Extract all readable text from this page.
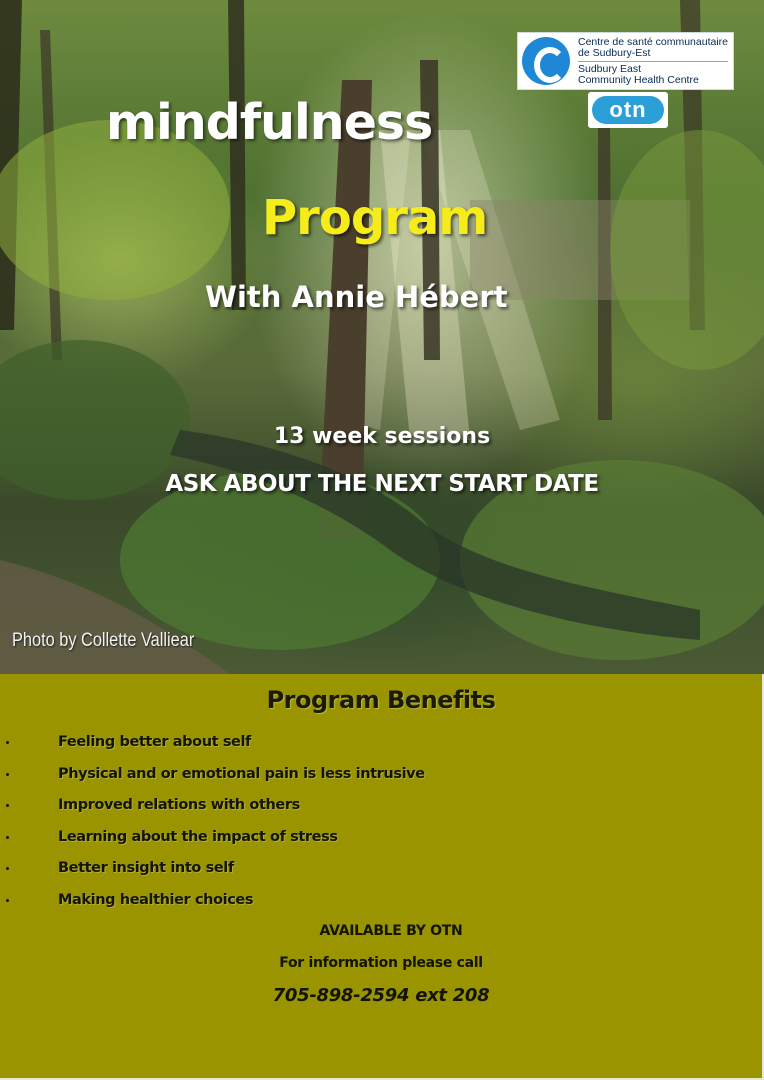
Centre de santé communautaire
de Sudbury-Est
Sudbury East
Community Health Centre
otn
mindfulness
Program
With Annie Hébert
13 week sessions
ASK ABOUT THE NEXT START DATE
Photo by Collette Valliear
Program Benefits
Feeling better about self
Physical and or emotional pain is less intrusive
Improved relations with others
Learning about the impact of stress
Better insight into self
Making healthier choices
AVAILABLE BY OTN
For information please call
705-898-2594 ext 208
